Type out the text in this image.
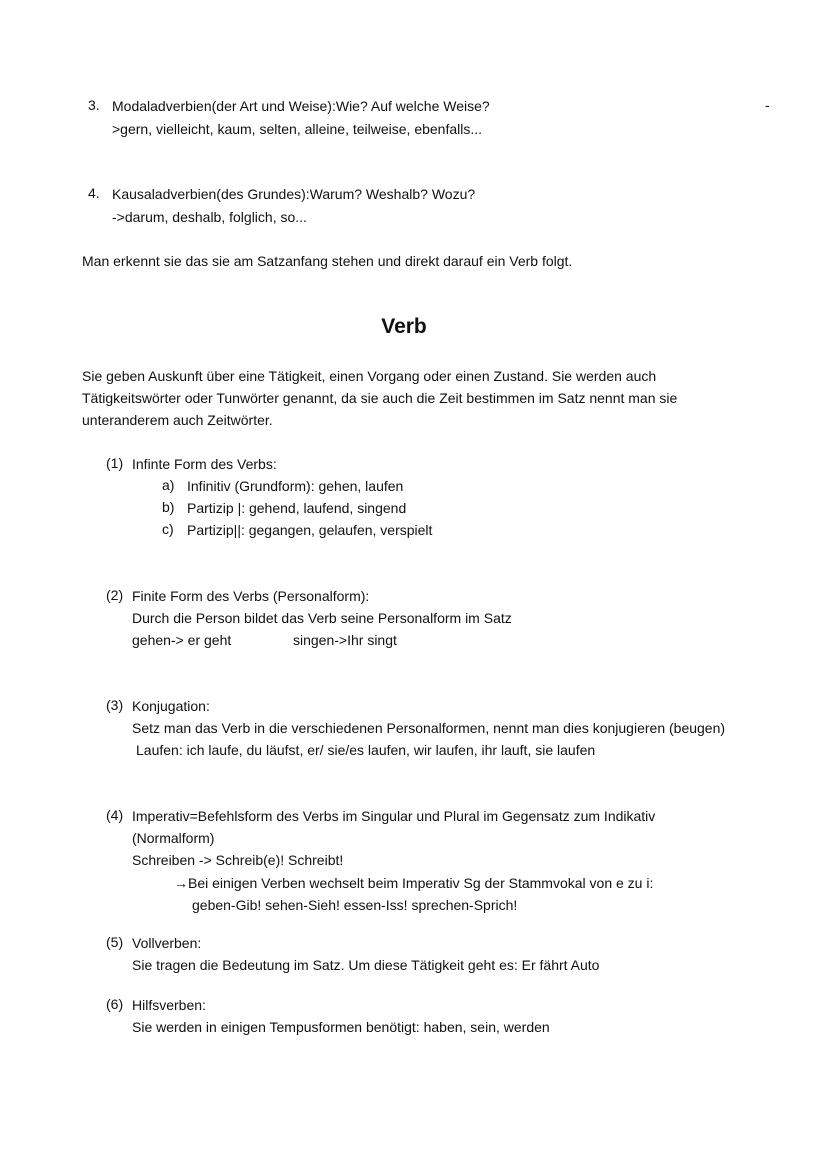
3. Modaladverbien(der Art und Weise):Wie? Auf welche Weise?	-
>gern, vielleicht, kaum, selten, alleine, teilweise, ebenfalls...
4. Kausaladverbien(des Grundes):Warum? Weshalb? Wozu?
->darum, deshalb, folglich, so...
Man erkennt sie das sie am Satzanfang stehen und direkt darauf ein Verb folgt.
Verb
Sie geben Auskunft über eine Tätigkeit, einen Vorgang oder einen Zustand. Sie werden auch
Tätigkeitswörter oder Tunwörter genannt, da sie auch die Zeit bestimmen im Satz nennt man sie
unteranderem auch Zeitwörter.
(1) Infinte Form des Verbs:
a) Infinitiv (Grundform): gehen, laufen
b) Partizip |: gehend, laufend, singend
c) Partizip||: gegangen, gelaufen, verspielt
(2) Finite Form des Verbs (Personalform):
Durch die Person bildet das Verb seine Personalform im Satz
gehen-> er geht	singen->Ihr singt
(3) Konjugation:
Setz man das Verb in die verschiedenen Personalformen, nennt man dies konjugieren (beugen)
Laufen: ich laufe, du läufst, er/ sie/es laufen, wir laufen, ihr lauft, sie laufen
(4) Imperativ=Befehlsform des Verbs im Singular und Plural im Gegensatz zum Indikativ
(Normalform)
Schreiben -> Schreib(e)! Schreibt!
→Bei einigen Verben wechselt beim Imperativ Sg der Stammvokal von e zu i:
geben-Gib! sehen-Sieh! essen-Iss! sprechen-Sprich!
(5) Vollverben:
Sie tragen die Bedeutung im Satz. Um diese Tätigkeit geht es: Er fährt Auto
(6) Hilfsverben:
Sie werden in einigen Tempusformen benötigt: haben, sein, werden
